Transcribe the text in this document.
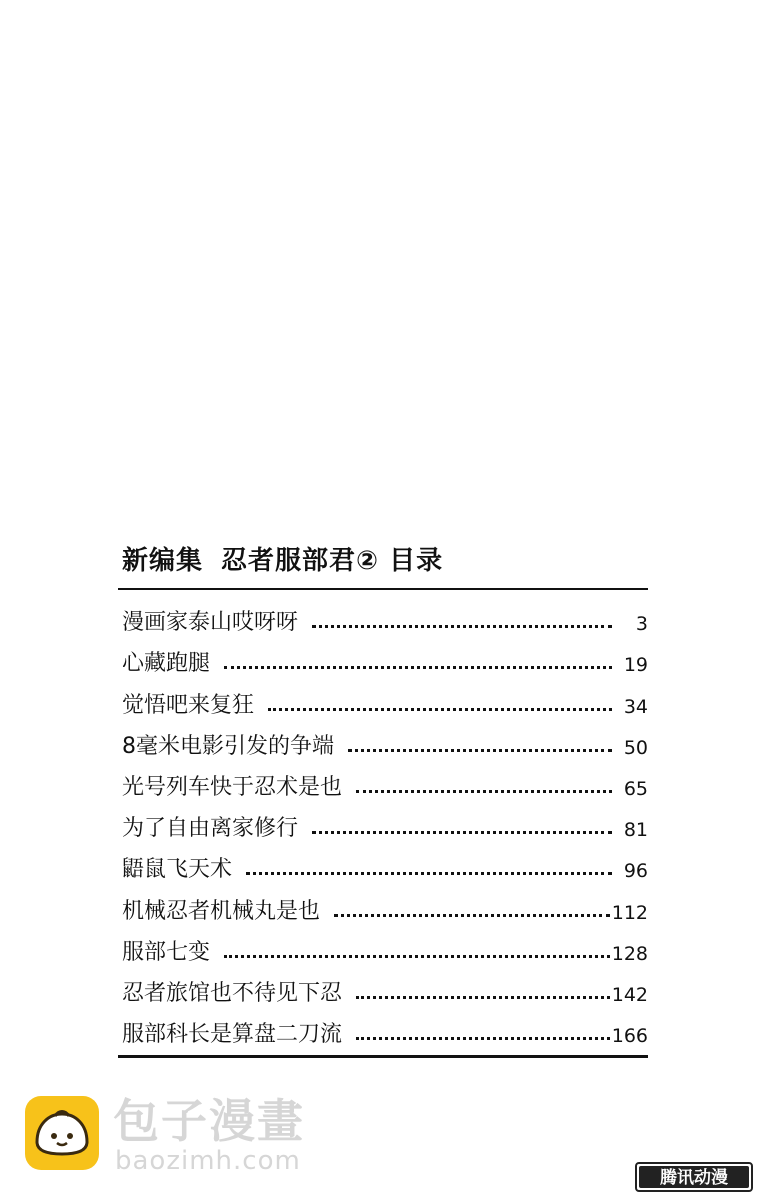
新编集 忍者服部君② 目录
漫画家泰山哎呀呀	3
心藏跑腿	19
觉悟吧来复狂	34
8毫米电影引发的争端	50
光号列车快于忍术是也	65
为了自由离家修行	81
鼯鼠飞天术	96
机械忍者机械丸是也	112
服部七变	128
忍者旅馆也不待见下忍	142
服部科长是算盘二刀流	166
包子漫畫
baozimh.com
腾讯动漫
